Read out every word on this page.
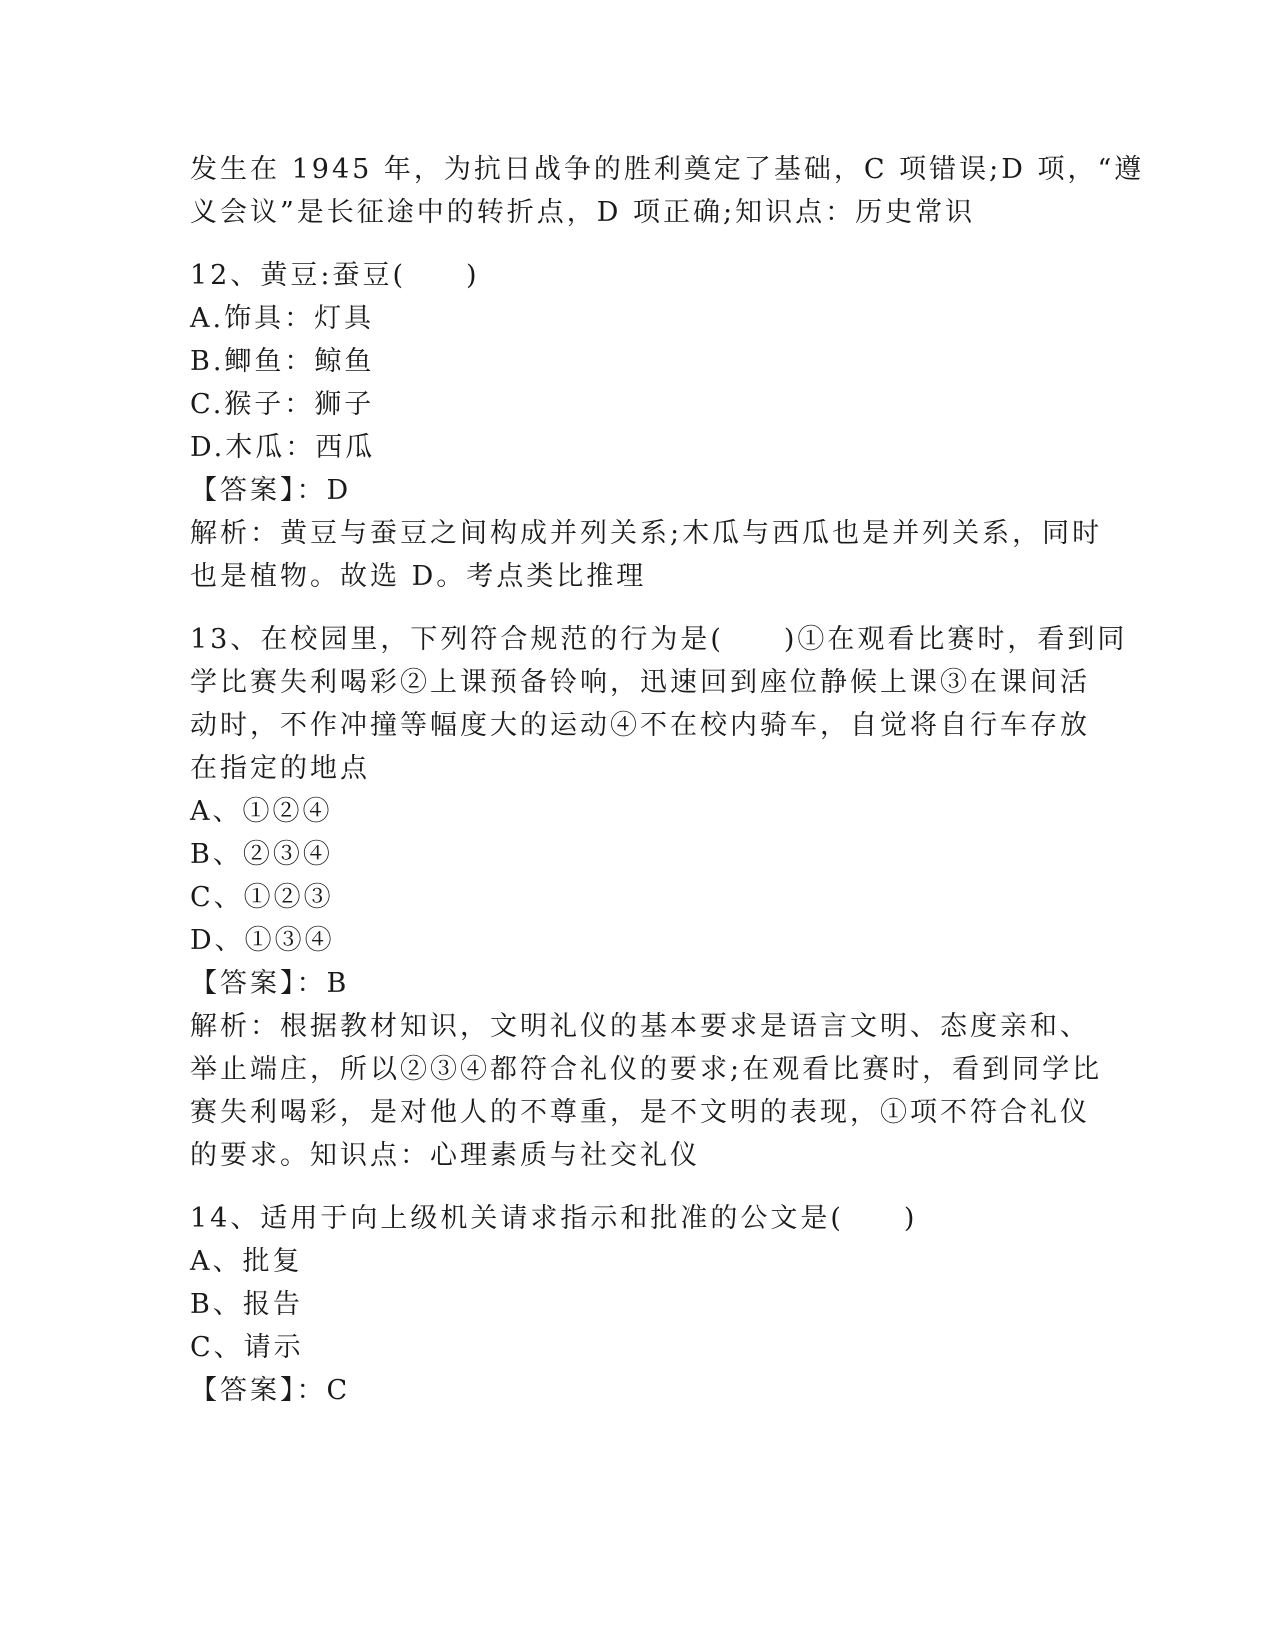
发生在 1945 年，为抗日战争的胜利奠定了基础，C 项错误;D 项，“遵
义会议”是长征途中的转折点，D 项正确;知识点：历史常识
12、黄豆:蚕豆(　　)
A.饰具：灯具
B.鲫鱼：鲸鱼
C.猴子：狮子
D.木瓜：西瓜
【答案】：D
解析：黄豆与蚕豆之间构成并列关系;木瓜与西瓜也是并列关系，同时
也是植物。故选 D。考点类比推理
13、在校园里，下列符合规范的行为是(　　)①在观看比赛时，看到同
学比赛失利喝彩②上课预备铃响，迅速回到座位静候上课③在课间活
动时，不作冲撞等幅度大的运动④不在校内骑车，自觉将自行车存放
在指定的地点
A、①②④
B、②③④
C、①②③
D、①③④
【答案】：B
解析：根据教材知识，文明礼仪的基本要求是语言文明、态度亲和、
举止端庄，所以②③④都符合礼仪的要求;在观看比赛时，看到同学比
赛失利喝彩，是对他人的不尊重，是不文明的表现，①项不符合礼仪
的要求。知识点：心理素质与社交礼仪
14、适用于向上级机关请求指示和批准的公文是(　　)
A、批复
B、报告
C、请示
【答案】：C
